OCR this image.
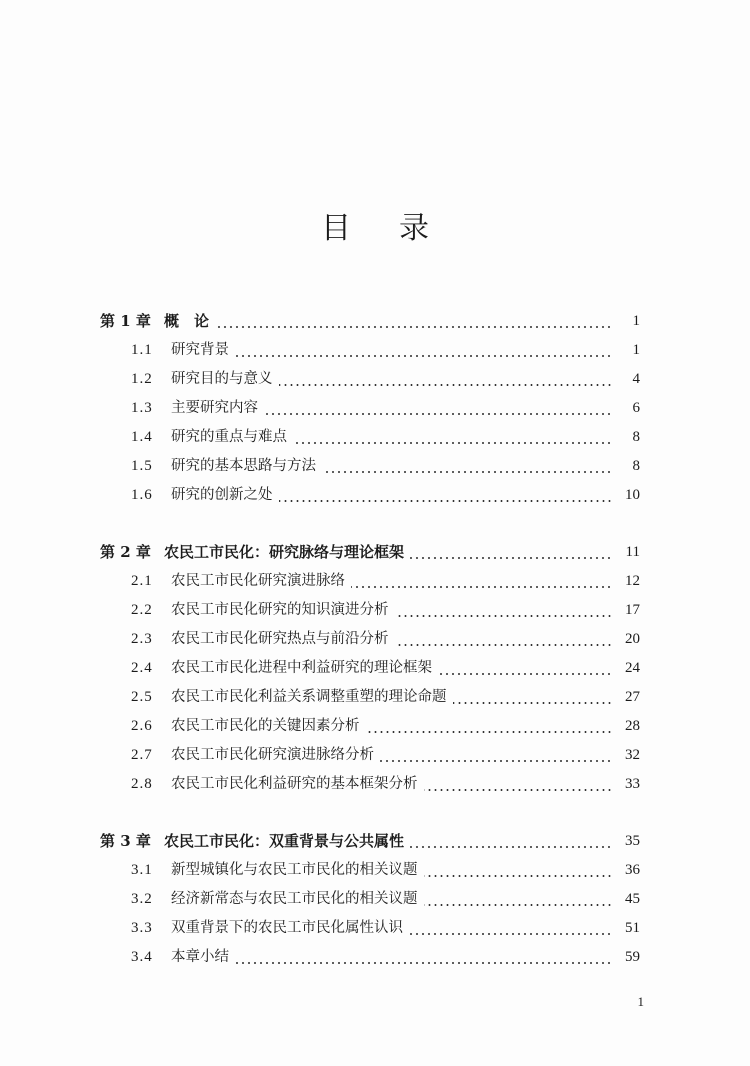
目录
第 1 章 概　论	1
1.1 研究背景	1
1.2 研究目的与意义	4
1.3 主要研究内容	6
1.4 研究的重点与难点	8
1.5 研究的基本思路与方法	8
1.6 研究的创新之处	10
第 2 章 农民工市民化：研究脉络与理论框架	11
2.1 农民工市民化研究演进脉络	12
2.2 农民工市民化研究的知识演进分析	17
2.3 农民工市民化研究热点与前沿分析	20
2.4 农民工市民化进程中利益研究的理论框架	24
2.5 农民工市民化利益关系调整重塑的理论命题	27
2.6 农民工市民化的关键因素分析	28
2.7 农民工市民化研究演进脉络分析	32
2.8 农民工市民化利益研究的基本框架分析	33
第 3 章 农民工市民化：双重背景与公共属性	35
3.1 新型城镇化与农民工市民化的相关议题	36
3.2 经济新常态与农民工市民化的相关议题	45
3.3 双重背景下的农民工市民化属性认识	51
3.4 本章小结	59
1
